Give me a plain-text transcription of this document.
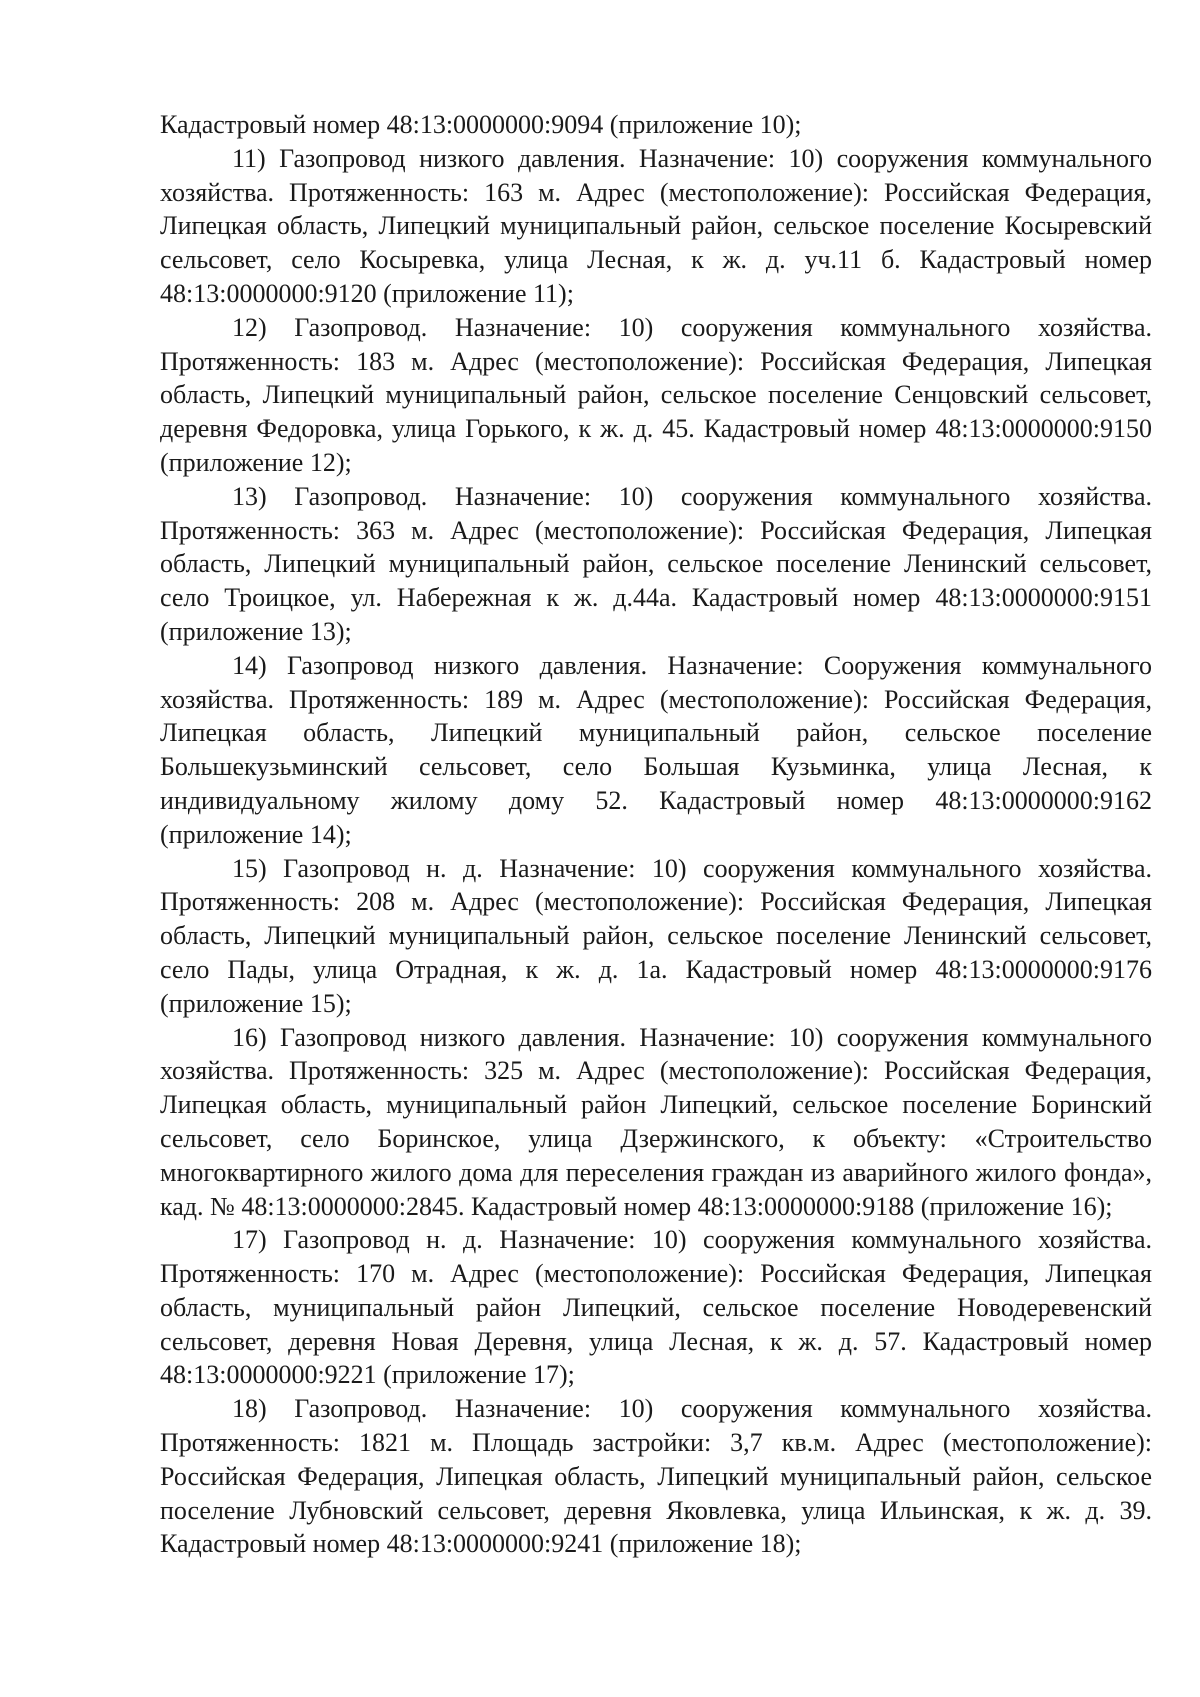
Кадастровый номер 48:13:0000000:9094 (приложение 10);

11) Газопровод низкого давления. Назначение: 10) сооружения коммунального хозяйства. Протяженность: 163 м. Адрес (местоположение): Российская Федерация, Липецкая область, Липецкий муниципальный район, сельское поселение Косыревский сельсовет, село Косыревка, улица Лесная, к ж. д. уч.11 б. Кадастровый номер 48:13:0000000:9120 (приложение 11);

12) Газопровод. Назначение: 10) сооружения коммунального хозяйства. Протяженность: 183 м. Адрес (местоположение): Российская Федерация, Липецкая область, Липецкий муниципальный район, сельское поселение Сенцовский сельсовет, деревня Федоровка, улица Горького, к ж. д. 45. Кадастровый номер 48:13:0000000:9150 (приложение 12);

13) Газопровод. Назначение: 10) сооружения коммунального хозяйства. Протяженность: 363 м. Адрес (местоположение): Российская Федерация, Липецкая область, Липецкий муниципальный район, сельское поселение Ленинский сельсовет, село Троицкое, ул. Набережная к ж. д.44а. Кадастровый номер 48:13:0000000:9151 (приложение 13);

14) Газопровод низкого давления. Назначение: Сооружения коммунального хозяйства. Протяженность: 189 м. Адрес (местоположение): Российская Федерация, Липецкая область, Липецкий муниципальный район, сельское поселение Большекузьминский сельсовет, село Большая Кузьминка, улица Лесная, к индивидуальному жилому дому 52. Кадастровый номер 48:13:0000000:9162 (приложение 14);

15) Газопровод н. д. Назначение: 10) сооружения коммунального хозяйства. Протяженность: 208 м. Адрес (местоположение): Российская Федерация, Липецкая область, Липецкий муниципальный район, сельское поселение Ленинский сельсовет, село Пады, улица Отрадная, к ж. д. 1а. Кадастровый номер 48:13:0000000:9176 (приложение 15);

16) Газопровод низкого давления. Назначение: 10) сооружения коммунального хозяйства. Протяженность: 325 м. Адрес (местоположение): Российская Федерация, Липецкая область, муниципальный район Липецкий, сельское поселение Боринский сельсовет, село Боринское, улица Дзержинского, к объекту: «Строительство многоквартирного жилого дома для переселения граждан из аварийного жилого фонда», кад. № 48:13:0000000:2845. Кадастровый номер 48:13:0000000:9188 (приложение 16);

17) Газопровод н. д. Назначение: 10) сооружения коммунального хозяйства. Протяженность: 170 м. Адрес (местоположение): Российская Федерация, Липецкая область, муниципальный район Липецкий, сельское поселение Новодеревенский сельсовет, деревня Новая Деревня, улица Лесная, к ж. д. 57. Кадастровый номер 48:13:0000000:9221 (приложение 17);

18) Газопровод. Назначение: 10) сооружения коммунального хозяйства. Протяженность: 1821 м. Площадь застройки: 3,7 кв.м. Адрес (местоположение): Российская Федерация, Липецкая область, Липецкий муниципальный район, сельское поселение Лубновский сельсовет, деревня Яковлевка, улица Ильинская, к ж. д. 39. Кадастровый номер 48:13:0000000:9241 (приложение 18);
